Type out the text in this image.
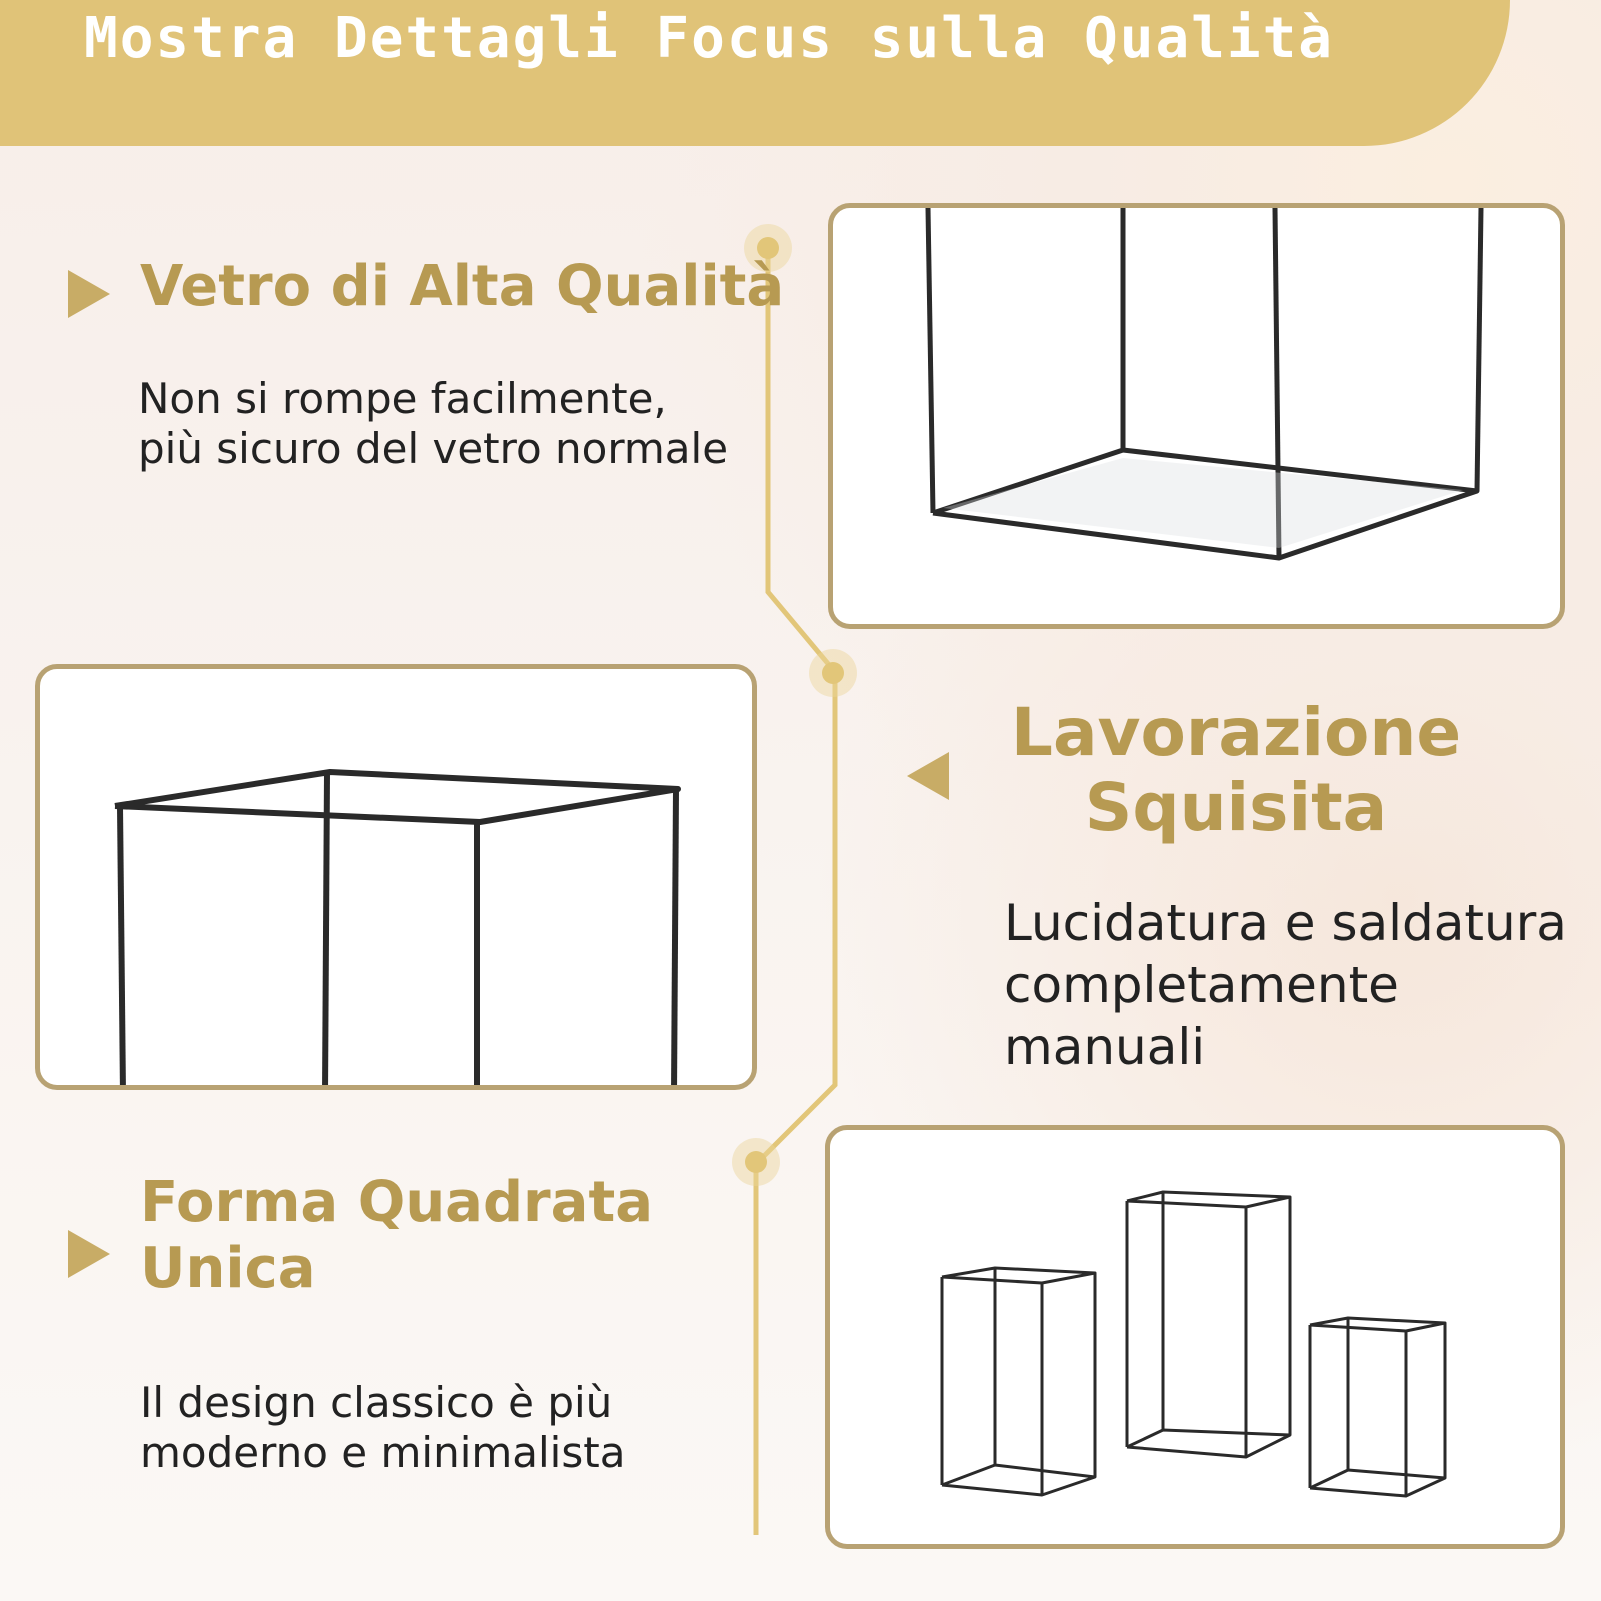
Mostra Dettagli Focus sulla Qualità
Vetro di Alta Qualità
Non si rompe facilmente,
più sicuro del vetro normale
Lavorazione
Squisita
Lucidatura e saldatura
completamente
manuali
Forma Quadrata
Unica
Il design classico è più
moderno e minimalista
